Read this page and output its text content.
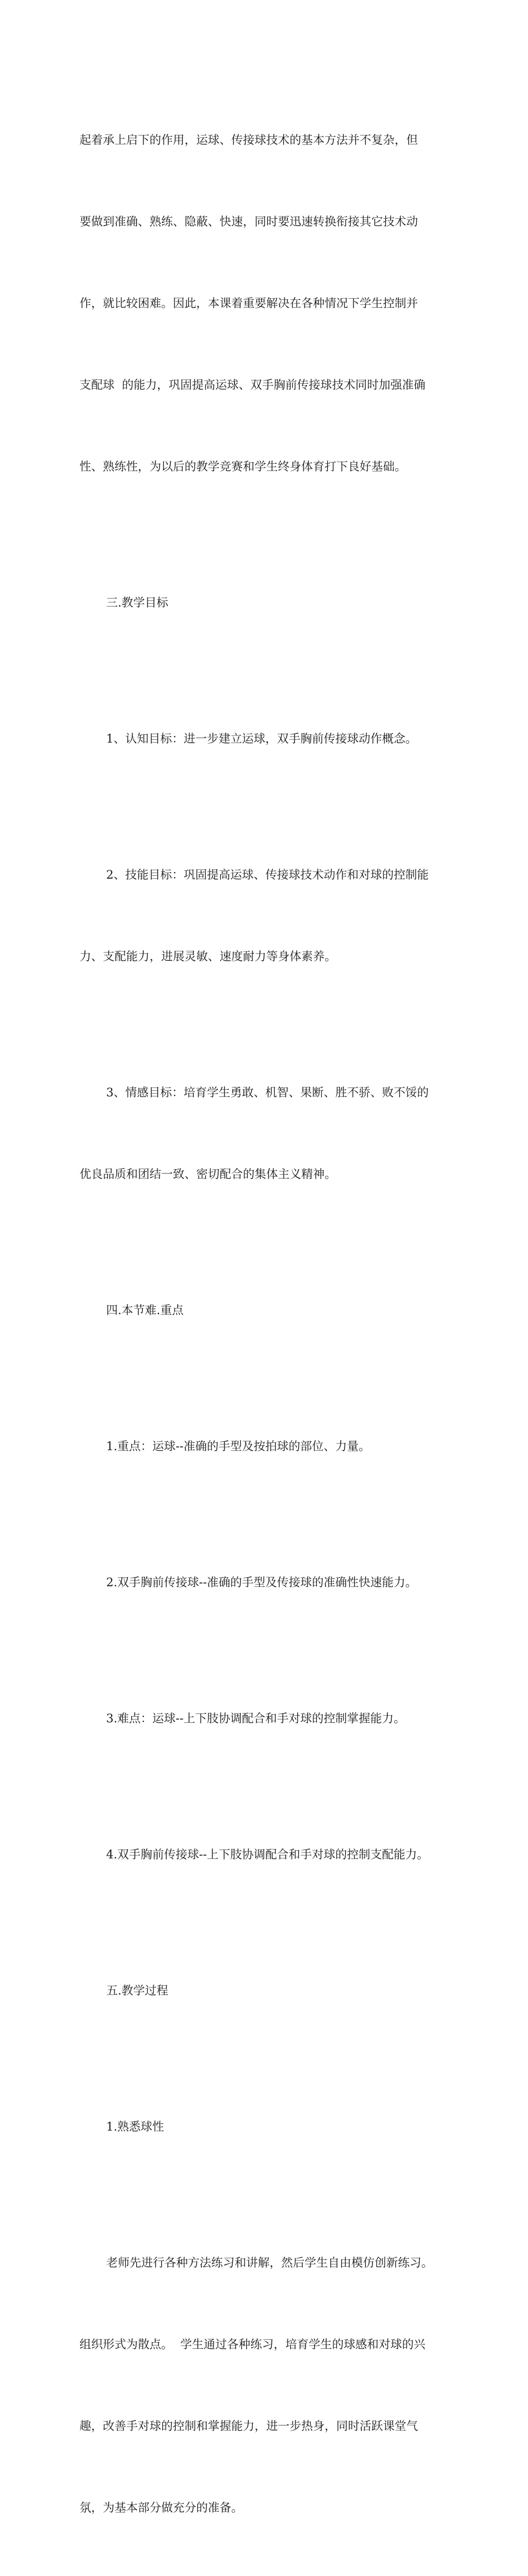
起着承上启下的作用，运球、传接球技术的基本方法并不复杂，但

要做到准确、熟练、隐蔽、快速，同时要迅速转换衔接其它技术动

作，就比较困难。因此，本课着重要解决在各种情况下学生控制并

支配球  的能力，巩固提高运球、双手胸前传接球技术同时加强准确

性、熟练性，为以后的教学竞赛和学生终身体育打下良好基础。

三.教学目标

1、认知目标：进一步建立运球，双手胸前传接球动作概念。

2、技能目标：巩固提高运球、传接球技术动作和对球的控制能

力、支配能力，进展灵敏、速度耐力等身体素养。

3、情感目标：培育学生勇敢、机智、果断、胜不骄、败不馁的

优良品质和团结一致、密切配合的集体主义精神。

四.本节难.重点

1.重点：运球--准确的手型及按拍球的部位、力量。

2.双手胸前传接球--准确的手型及传接球的准确性快速能力。

3.难点：运球--上下肢协调配合和手对球的控制掌握能力。

4.双手胸前传接球--上下肢协调配合和手对球的控制支配能力。

五.教学过程

1.熟悉球性

老师先进行各种方法练习和讲解，然后学生自由模仿创新练习。

组织形式为散点。  学生通过各种练习，培育学生的球感和对球的兴

趣，改善手对球的控制和掌握能力，进一步热身，同时活跃课堂气

氛，为基本部分做充分的准备。
